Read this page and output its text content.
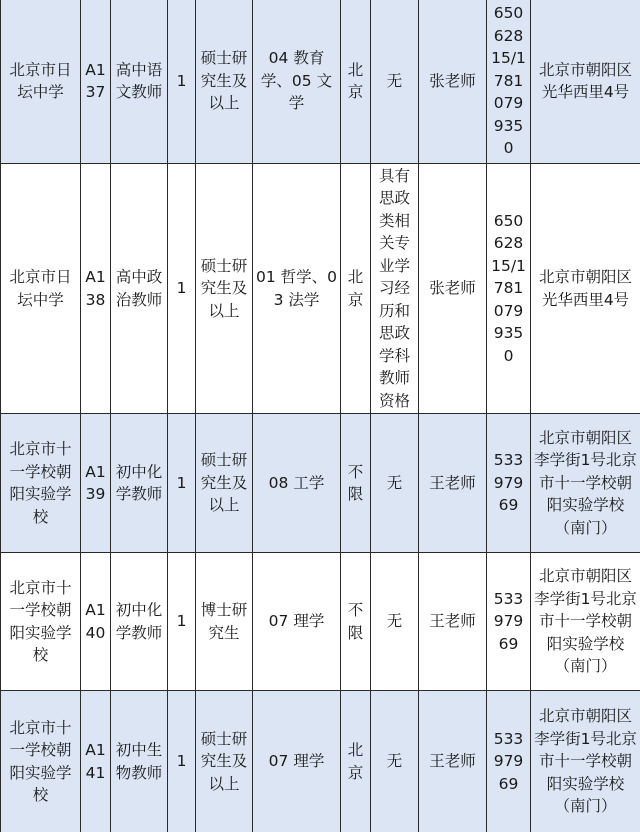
北京市日坛中学	A137	高中语文教师	1	硕士研究生及以上	04 教育学、05 文学	北京	无	张老师	65062815/17810799350	北京市朝阳区光华西里4号

北京市日坛中学	A138	高中政治教师	1	硕士研究生及以上	01 哲学、03 法学	北京	具有思政类相关专业学习经历和思政学科教师资格	张老师	65062815/17810799350	北京市朝阳区光华西里4号

北京市十一学校朝阳实验学校	A139	初中化学教师	1	硕士研究生及以上	08 工学	不限	无	王老师	53397969	北京市朝阳区李学街1号北京市十一学校朝阳实验学校（南门）

北京市十一学校朝阳实验学校	A140	初中化学教师	1	博士研究生	07 理学	不限	无	王老师	53397969	北京市朝阳区李学街1号北京市十一学校朝阳实验学校（南门）

北京市十一学校朝阳实验学校	A141	初中生物教师	1	硕士研究生及以上	07 理学	北京	无	王老师	53397969	北京市朝阳区李学街1号北京市十一学校朝阳实验学校（南门）
